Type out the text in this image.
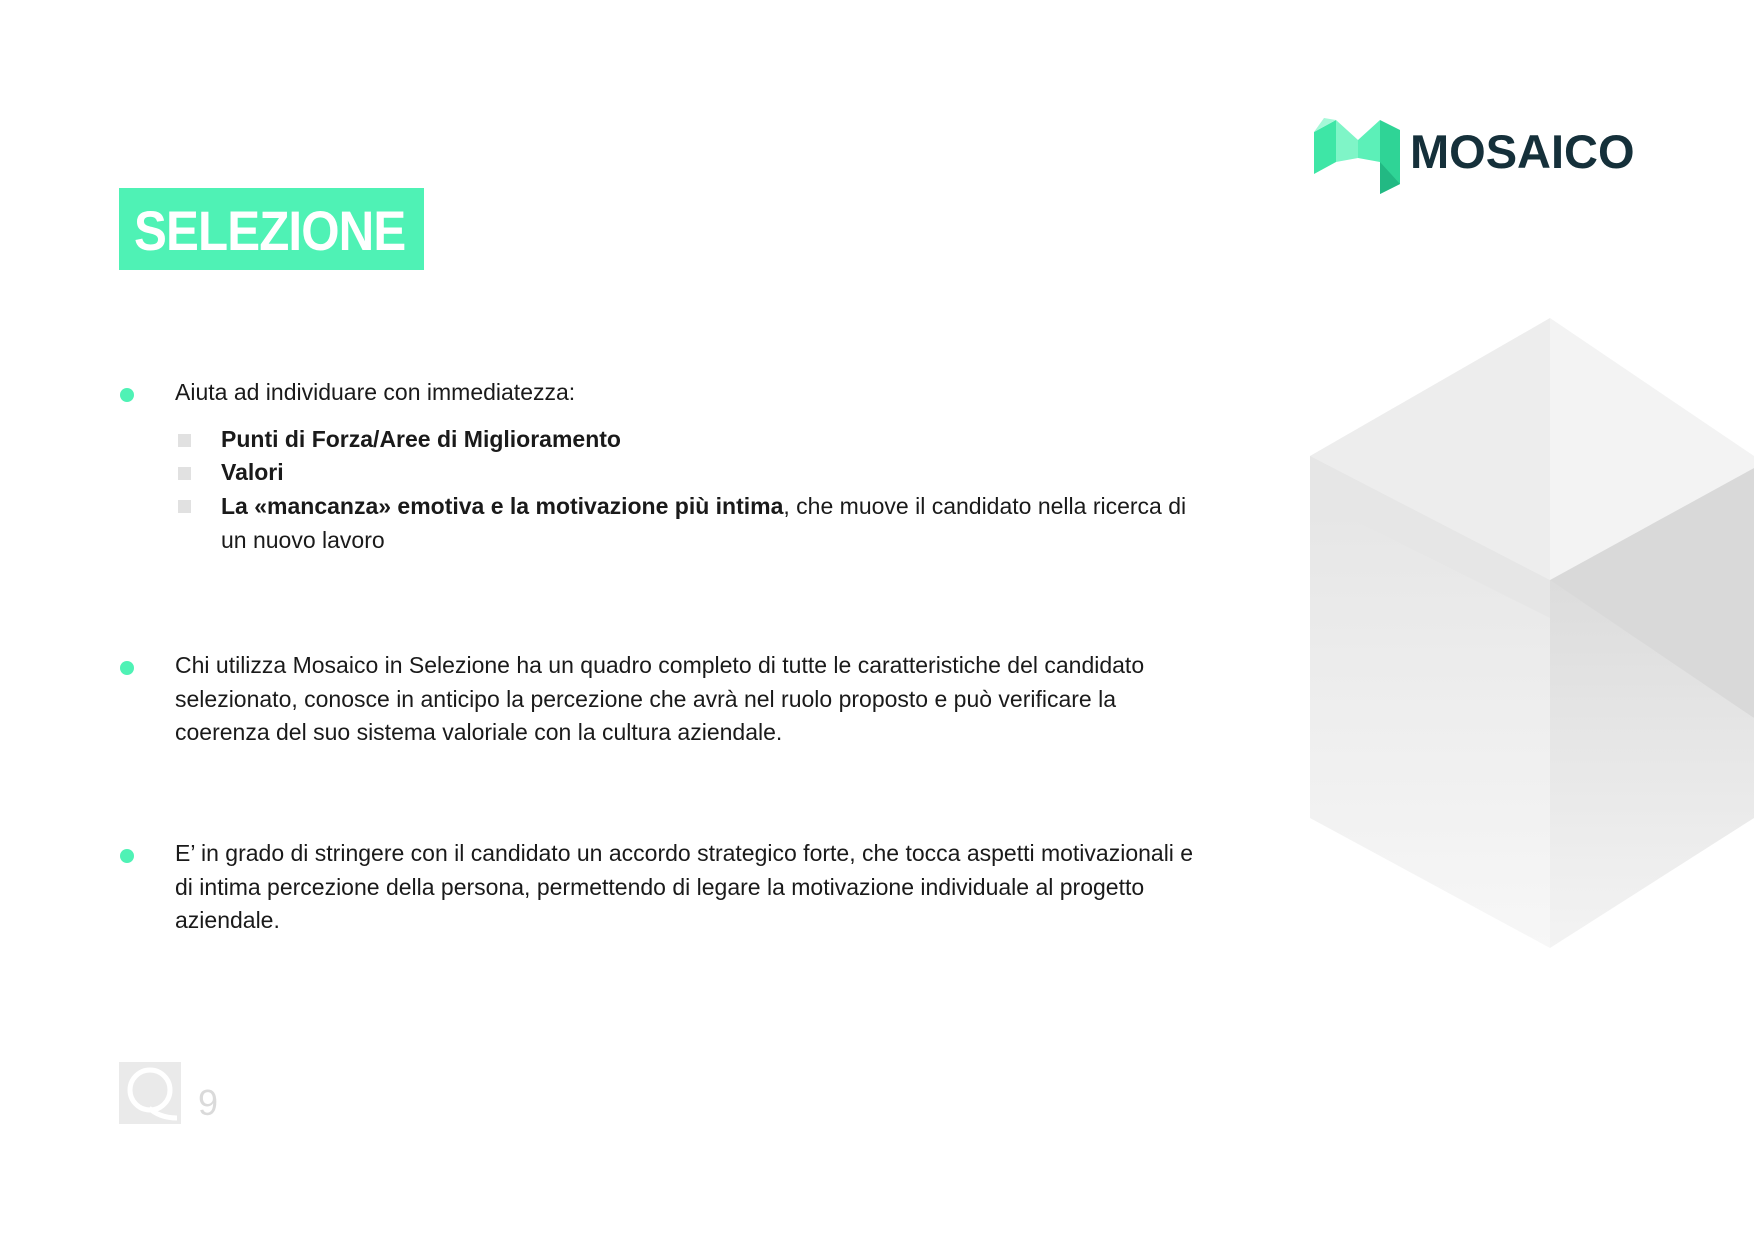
MOSAICO
SELEZIONE
Aiuta ad individuare con immediatezza:
Punti di Forza/Aree di Miglioramento
Valori
La «mancanza» emotiva e la motivazione più intima, che muove il candidato nella ricerca di un nuovo lavoro
Chi utilizza Mosaico in Selezione ha un quadro completo di tutte le caratteristiche del candidato selezionato, conosce in anticipo la percezione che avrà nel ruolo proposto e può verificare la coerenza del suo sistema valoriale con la cultura aziendale.
E’ in grado di stringere con il candidato un accordo strategico forte, che tocca aspetti motivazionali e di intima percezione della persona, permettendo di legare la motivazione individuale al progetto aziendale.
9
